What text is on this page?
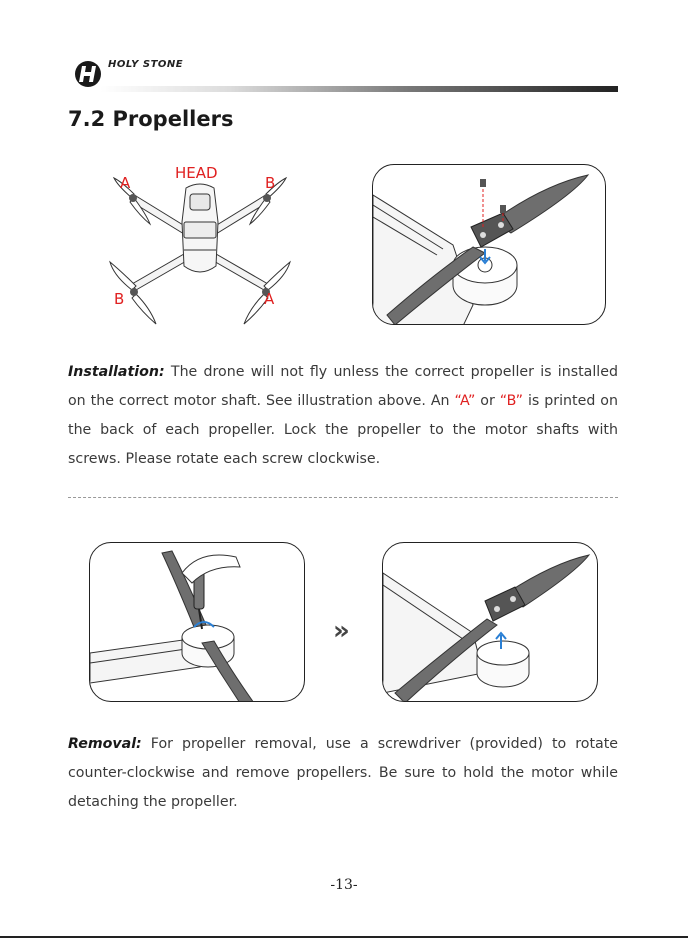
HOLY STONE
7.2 Propellers
A
HEAD
B
B	A
Installation: The drone will not fly unless the correct propeller is installed on the correct motor shaft. See illustration above. An “A” or “B” is printed on the back of each propeller. Lock the propeller to the motor shafts with screws. Please rotate each screw clockwise.
»
Removal: For propeller removal, use a screwdriver (provided) to rotate counter-clockwise and remove propellers. Be sure to hold the motor while detaching the propeller.
-13-
